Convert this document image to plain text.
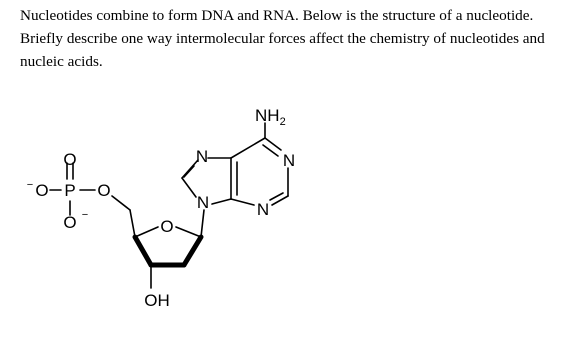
Nucleotides combine to form DNA and RNA. Below is the structure of a nucleotide.

Briefly describe one way intermolecular forces affect the chemistry of nucleotides and

nucleic acids.

O
P
O
−
O −
O
O
OH
N
N
N
N
$NH_2$
